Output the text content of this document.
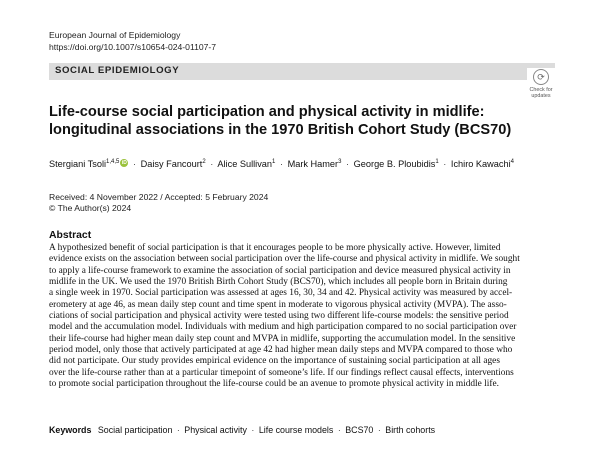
European Journal of Epidemiology
https://doi.org/10.1007/s10654-024-01107-7
SOCIAL EPIDEMIOLOGY
⟳
Check for
updates
Life-course social participation and physical activity in midlife:
longitudinal associations in the 1970 British Cohort Study (BCS70)
Stergiani Tsoli$^{1,4,5}$ iD · Daisy Fancourt$^2$ · Alice Sullivan$^1$ · Mark Hamer$^3$ · George B. Ploubidis$^1$ · Ichiro Kawachi$^4$
Received: 4 November 2022 / Accepted: 5 February 2024
© The Author(s) 2024
Abstract
A hypothesized benefit of social participation is that it encourages people to be more physically active. However, limited
evidence exists on the association between social participation over the life-course and physical activity in midlife. We sought
to apply a life-course framework to examine the association of social participation and device measured physical activity in
midlife in the UK. We used the 1970 British Birth Cohort Study (BCS70), which includes all people born in Britain during
a single week in 1970. Social participation was assessed at ages 16, 30, 34 and 42. Physical activity was measured by accel-
erometery at age 46, as mean daily step count and time spent in moderate to vigorous physical activity (MVPA). The asso-
ciations of social participation and physical activity were tested using two different life-course models: the sensitive period
model and the accumulation model. Individuals with medium and high participation compared to no social participation over
their life-course had higher mean daily step count and MVPA in midlife, supporting the accumulation model. In the sensitive
period model, only those that actively participated at age 42 had higher mean daily steps and MVPA compared to those who
did not participate. Our study provides empirical evidence on the importance of sustaining social participation at all ages
over the life-course rather than at a particular timepoint of someone’s life. If our findings reflect causal effects, interventions
to promote social participation throughout the life-course could be an avenue to promote physical activity in middle life.
Keywords Social participation · Physical activity · Life course models · BCS70 · Birth cohorts
